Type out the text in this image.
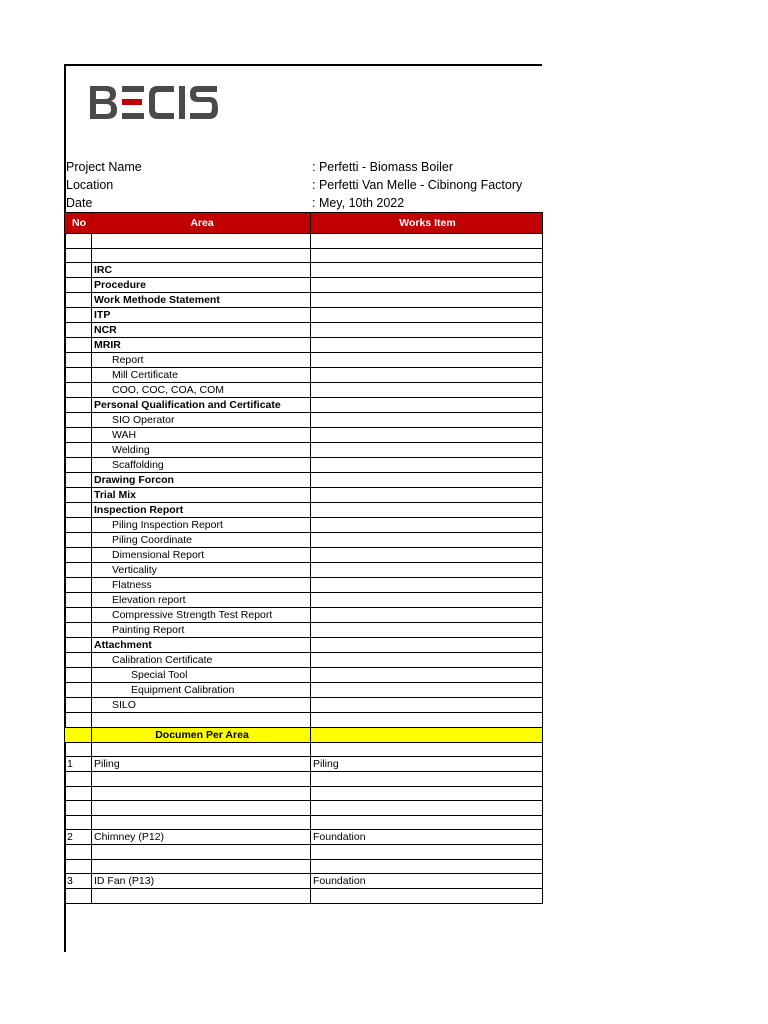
Project Name	: Perfetti - Biomass Boiler
Location	: Perfetti Van Melle - Cibinong Factory
Date	: Mey, 10th 2022
No	Area	Works Item

	IRC	
	Procedure	
	Work Methode Statement	
	ITP	
	NCR	
	MRIR	
	Report	
	Mill Certificate	
	COO, COC, COA, COM	
	Personal Qualification and Certificate	
	SIO Operator	
	WAH	
	Welding	
	Scaffolding	
	Drawing Forcon	
	Trial Mix	
	Inspection Report	
	Piling Inspection Report	
	Piling Coordinate	
	Dimensional Report	
	Verticality	
	Flatness	
	Elevation report	
	Compressive Strength Test Report	
	Painting Report	
	Attachment	
	Calibration Certificate	
	Special Tool	
	Equipment Calibration	
	SILO	

	Documen Per Area	

1	Piling	Piling

2	Chimney (P12)	Foundation

3	ID Fan (P13)	Foundation
